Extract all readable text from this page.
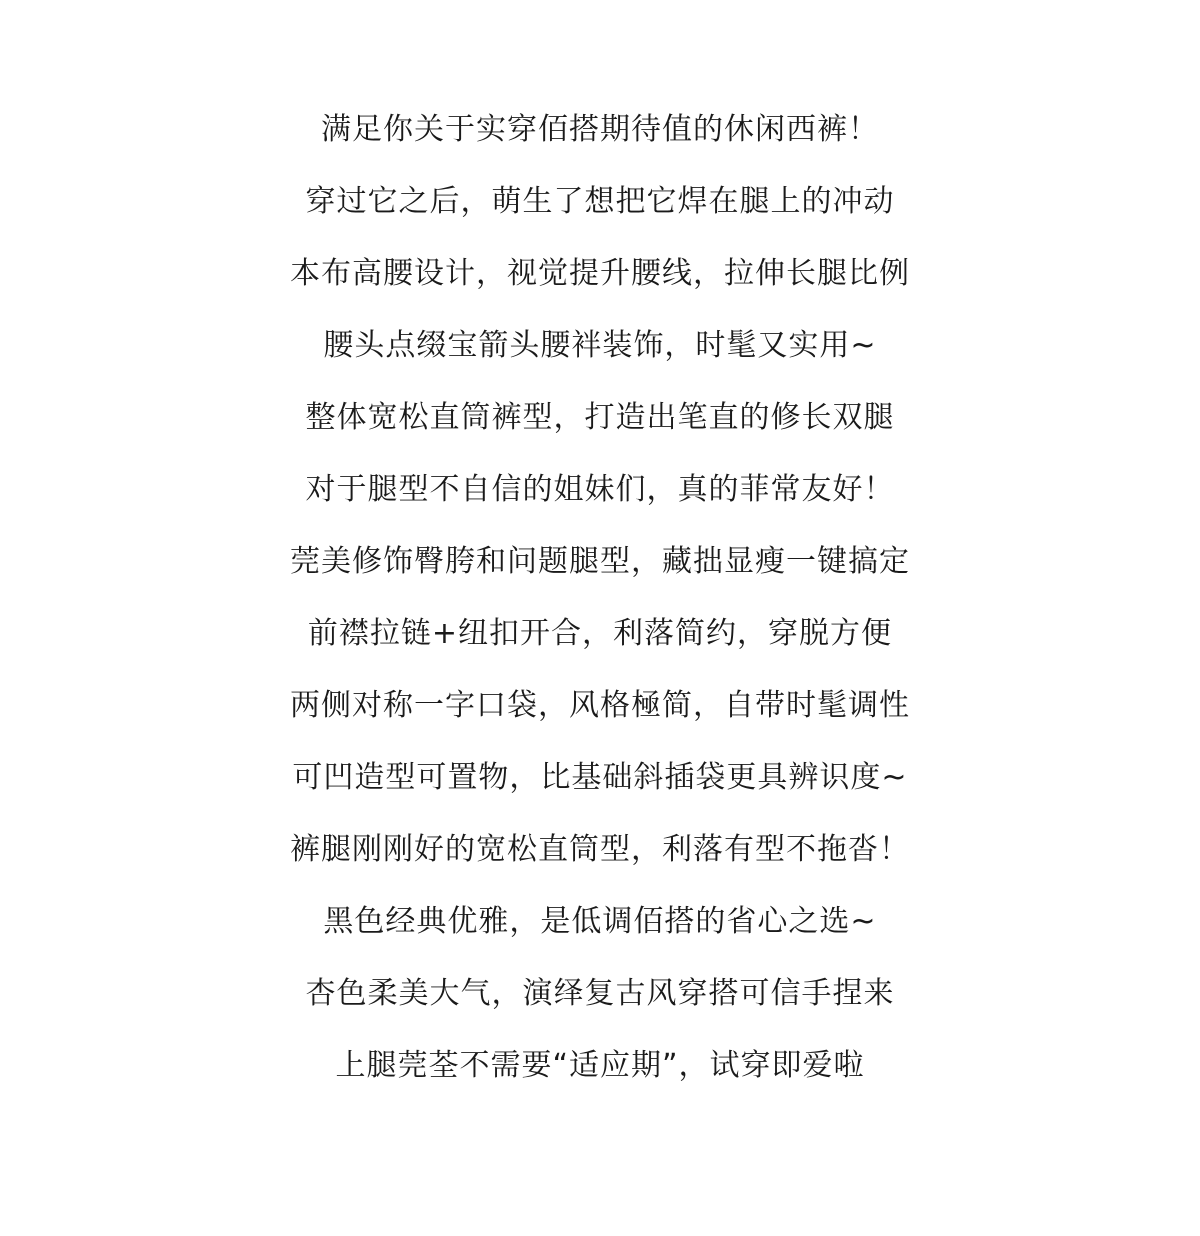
满足你关于实穿佰搭期待值的休闲西裤！
穿过它之后，萌生了想把它焊在腿上的冲动
本布高腰设计，视觉提升腰线，拉伸长腿比例
腰头点缀宝箭头腰袢装饰，时髦又实用~
整体宽松直筒裤型，打造出笔直的修长双腿
对于腿型不自信的姐妹们，真的菲常友好！
莞美修饰臀胯和问题腿型，藏拙显瘦一键搞定
前襟拉链+纽扣开合，利落简约，穿脱方便
两侧对称一字口袋，风格極简，自带时髦调性
可凹造型可置物，比基础斜插袋更具辨识度~
裤腿刚刚好的宽松直筒型，利落有型不拖沓！
黑色经典优雅，是低调佰搭的省心之选~
杏色柔美大气，演绎复古风穿搭可信手捏来
上腿莞荃不需要“适应期”，试穿即爱啦
